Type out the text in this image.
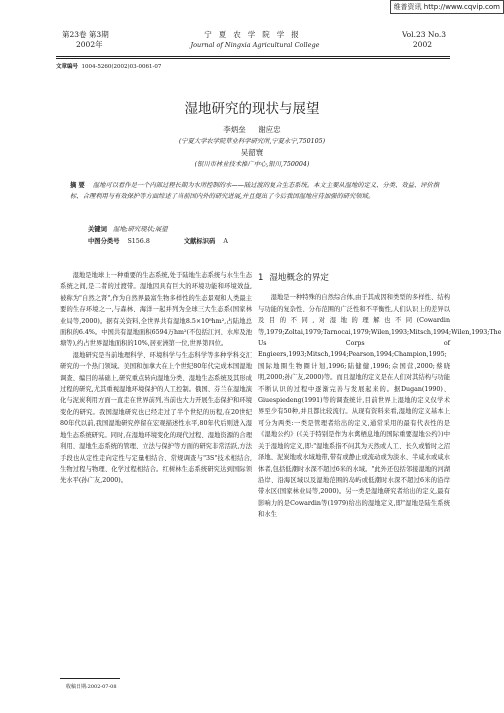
维普资讯 http://www.cqvip.com
第23卷 第3期
2002年
宁夏农学院学报
Journal of Ningxia Agricultural College
Vol.23 No.3
2002
文章编号 1004-5260(2002)03-0061-07
湿地研究的现状与展望
李炳垒 谢应忠
(宁夏大学农学院草业科学研究所,宁夏永宁,750105)
吴韶寰
(银川市林业技术推广中心,银川,750004)
摘 要 湿地可以看作是一个内部过程长期为水所控制的水——陆过渡的复合生态系统。本文主要从湿地的定义、分类、效益、评价指标、合理利用与有效保护等方面综述了当前国内外的研究进展,并且提出了今后我国湿地应待加强的研究领域。
关键词 湿地;研究现状;展望
中图分类号 S156.8	文献标识码 A

湿地是地球上一种重要的生态系统,处于陆地生态系统与水生生态系统之间,是二者的过渡带。湿地因具有巨大的环境功能和环境效益,被称为"自然之肾",作为自然界最富生物多样性的生态景观和人类最主要的生存环境之一,与森林、海洋一起并列为全球三大生态系(国家林业局等,2000)。据有关资料,全世界共有湿地8.5×10⁸hm²,占陆地总面积的6.4%。中国共有湿地面积6594万hm²(不包括江河、水库及池塘等),约占世界湿地面积的10%,居亚洲第一位,世界第四位。

湿地研究是当前地理科学、环境科学与生态科学等多种学科交汇研究的一个热门领域。美国和加拿大在上个世纪80年代完成本国湿地调查、编目的基础上,研究重点转向湿地分类、湿地生态系统及其形成过程的研究,尤其重视湿地环境保护的人工控制。俄国、芬兰在湿地演化与泥炭利用方面一直走在世界前列,当前也大力开展生态保护和环境变化的研究。我国湿地研究也已经走过了半个世纪的历程,在20世纪80年代以前,我国湿地研究停留在宏观描述性水平,80年代后则进入湿地生态系统研究。同时,在湿地环境变化的现代过程、湿地资源的合理利用、湿地生态系统的管理、立法与保护等方面的研究非常活跃,方法手段也从定性走向定性与定量相结合、常规调查与"3S"技术相结合,生物过程与物理、化学过程相结合。红树林生态系统研究达到国际领先水平(孙广友,2000)。

1 湿地概念的界定

湿地是一种特殊的自然综合体,由于其成因和类型的多样性、结构与功能的复杂性、分布范围的广泛性和不平衡性,人们认识上的差异以及目的不同,对湿地的理解也不同(Cowardin等,1979;Zoltai,1979;Tarnocai,1979;Wilen,1993;Mitsch,1994;Wilen,1993;The Us Corps of Engieers,1993;Mitsch,1994;Pearson,1994;Champion,1995;国际地圈生物圈计划,1996;陆健健,1996;佘国营,2000;蔡晓明,2000;孙广友,2000)等。而且湿地的定义是在人们对其结构与功能不断认识的过程中逐渐完善与发展起来的。据Dugan(1990)、Giuespiedeng(1991)等的调查统计,目前世界上湿地的定义仅学术界至少有50种,并且都比较流行。从现有资料来看,湿地的定义基本上可分为两类:一类是管理者给出的定义,通常采用的最有代表性的是《湿地公约》(《关于特别是作为水禽栖息地的国际重要湿地公约》)中关于湿地的定义,即:"湿地系指不问其为天然或人工、长久或暂时之沼泽地、泥炭地或水域地带,带有或静止或流动或为淡水、半咸水或咸水体者,包括低潮时水深不超过6米的水域。"此外还包括邻接湿地的河湖沿岸、沿海区域以及湿地范围的岛屿或低潮时水深不超过6米的沿岸带水区(国家林业局等,2000)。另一类是湿地研究者给出的定义,最有影响力的是Cowardin等(1979)给出的湿地定义,即"湿地是陆生系统和水生

收稿日期:2002-07-08
